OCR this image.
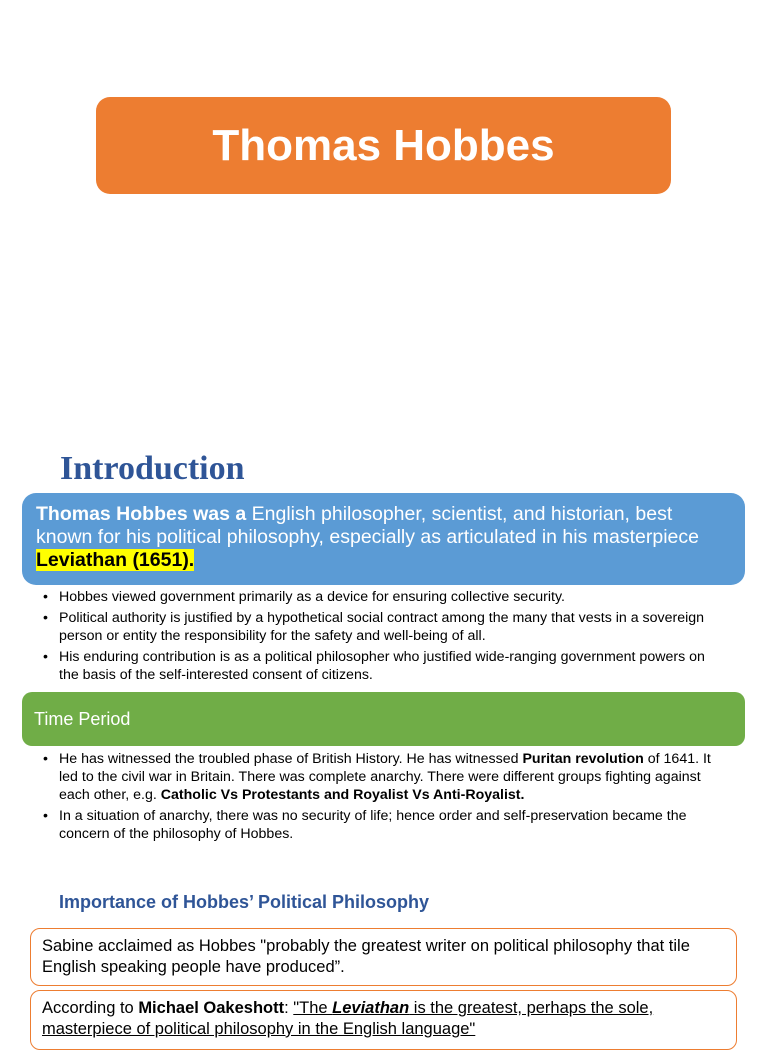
Thomas Hobbes
Introduction
Thomas Hobbes was a English philosopher, scientist, and historian, best known for his political philosophy, especially as articulated in his masterpiece Leviathan (1651).
• Hobbes viewed government primarily as a device for ensuring collective security.
• Political authority is justified by a hypothetical social contract among the many that vests in a sovereign person or entity the responsibility for the safety and well-being of all.
• His enduring contribution is as a political philosopher who justified wide-ranging government powers on the basis of the self-interested consent of citizens.
Time Period
• He has witnessed the troubled phase of British History. He has witnessed Puritan revolution of 1641. It led to the civil war in Britain. There was complete anarchy. There were different groups fighting against each other, e.g. Catholic Vs Protestants and Royalist Vs Anti-Royalist.
• In a situation of anarchy, there was no security of life; hence order and self-preservation became the concern of the philosophy of Hobbes.
Importance of Hobbes’ Political Philosophy
Sabine acclaimed as Hobbes "probably the greatest writer on political philosophy that tile English speaking people have produced”.
According to Michael Oakeshott: "The Leviathan is the greatest, perhaps the sole, masterpiece of political philosophy in the English language"
